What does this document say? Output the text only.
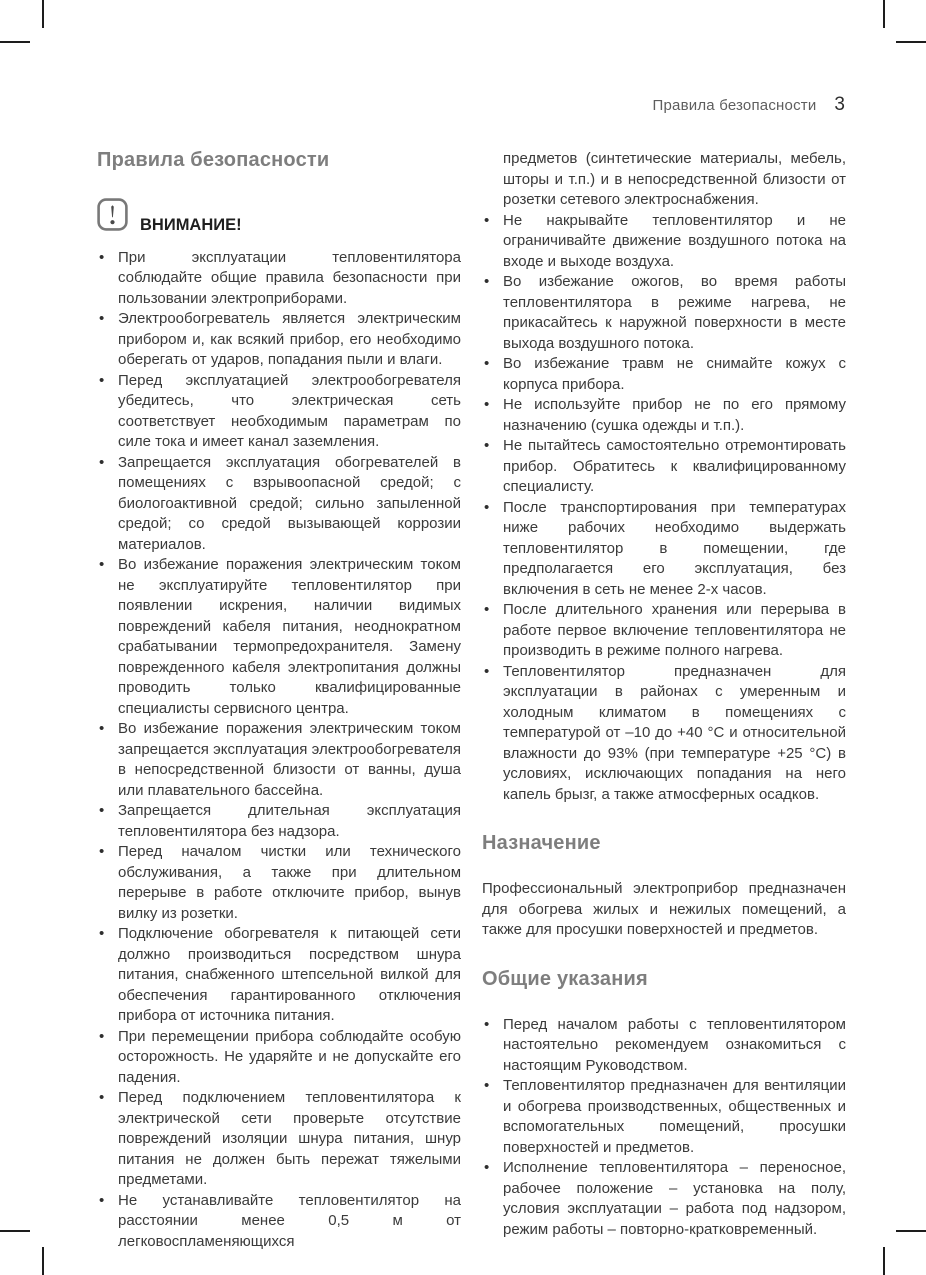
Правила безопасности 3
Правила безопасности
ВНИМАНИЕ!
• При эксплуатации тепловентилятора соблюдайте общие правила безопасности при пользовании электроприборами.
• Электрообогреватель является электрическим прибором и, как всякий прибор, его необходимо оберегать от ударов, попадания пыли и влаги.
• Перед эксплуатацией электрообогревателя убедитесь, что электрическая сеть соответствует необходимым параметрам по силе тока и имеет канал заземления.
• Запрещается эксплуатация обогревателей в помещениях с взрывоопасной средой; с биологоактивной средой; сильно запыленной средой; со средой вызывающей коррозии материалов.
• Во избежание поражения электрическим током не эксплуатируйте тепловентилятор при появлении искрения, наличии видимых повреждений кабеля питания, неоднократном срабатывании термопредохранителя. Замену поврежденного кабеля электропитания должны проводить только квалифицированные специалисты сервисного центра.
• Во избежание поражения электрическим током запрещается эксплуатация электрообогревателя в непосредственной близости от ванны, душа или плавательного бассейна.
• Запрещается длительная эксплуатация тепловентилятора без надзора.
• Перед началом чистки или технического обслуживания, а также при длительном перерыве в работе отключите прибор, вынув вилку из розетки.
• Подключение обогревателя к питающей сети должно производиться посредством шнура питания, снабженного штепсельной вилкой для обеспечения гарантированного отключения прибора от источника питания.
• При перемещении прибора соблюдайте особую осторожность. Не ударяйте и не допускайте его падения.
• Перед подключением тепловентилятора к электрической сети проверьте отсутствие повреждений изоляции шнура питания, шнур питания не должен быть пережат тяжелыми предметами.
• Не устанавливайте тепловентилятор на расстоянии менее 0,5 м от легковоспламеняющихся

предметов (синтетические материалы, мебель, шторы и т.п.) и в непосредственной близости от розетки сетевого электроснабжения.

• Не накрывайте тепловентилятор и не ограничивайте движение воздушного потока на входе и выходе воздуха.
• Во избежание ожогов, во время работы тепловентилятора в режиме нагрева, не прикасайтесь к наружной поверхности в месте выхода воздушного потока.
• Во избежание травм не снимайте кожух с корпуса прибора.
• Не используйте прибор не по его прямому назначению (сушка одежды и т.п.).
• Не пытайтесь самостоятельно отремонтировать прибор. Обратитесь к квалифицированному специалисту.
• После транспортирования при температурах ниже рабочих необходимо выдержать тепловентилятор в помещении, где предполагается его эксплуатация, без включения в сеть не менее 2-х часов.
• После длительного хранения или перерыва в работе первое включение тепловентилятора не производить в режиме полного нагрева.
• Тепловентилятор предназначен для эксплуатации в районах с умеренным и холодным климатом в помещениях с температурой от –10 до +40 °С и относительной влажности до 93% (при температуре +25 °С) в условиях, исключающих попадания на него капель брызг, а также атмосферных осадков.
Назначение

Профессиональный электроприбор предназначен для обогрева жилых и нежилых помещений, а также для просушки поверхностей и предметов.

Общие указания
• Перед началом работы с тепловентилятором настоятельно рекомендуем ознакомиться с настоящим Руководством.
• Тепловентилятор предназначен для вентиляции и обогрева производственных, общественных и вспомогательных помещений, просушки поверхностей и предметов.
• Исполнение тепловентилятора – переносное, рабочее положение – установка на полу, условия эксплуатации – работа под надзором, режим работы – повторно-кратковременный.
